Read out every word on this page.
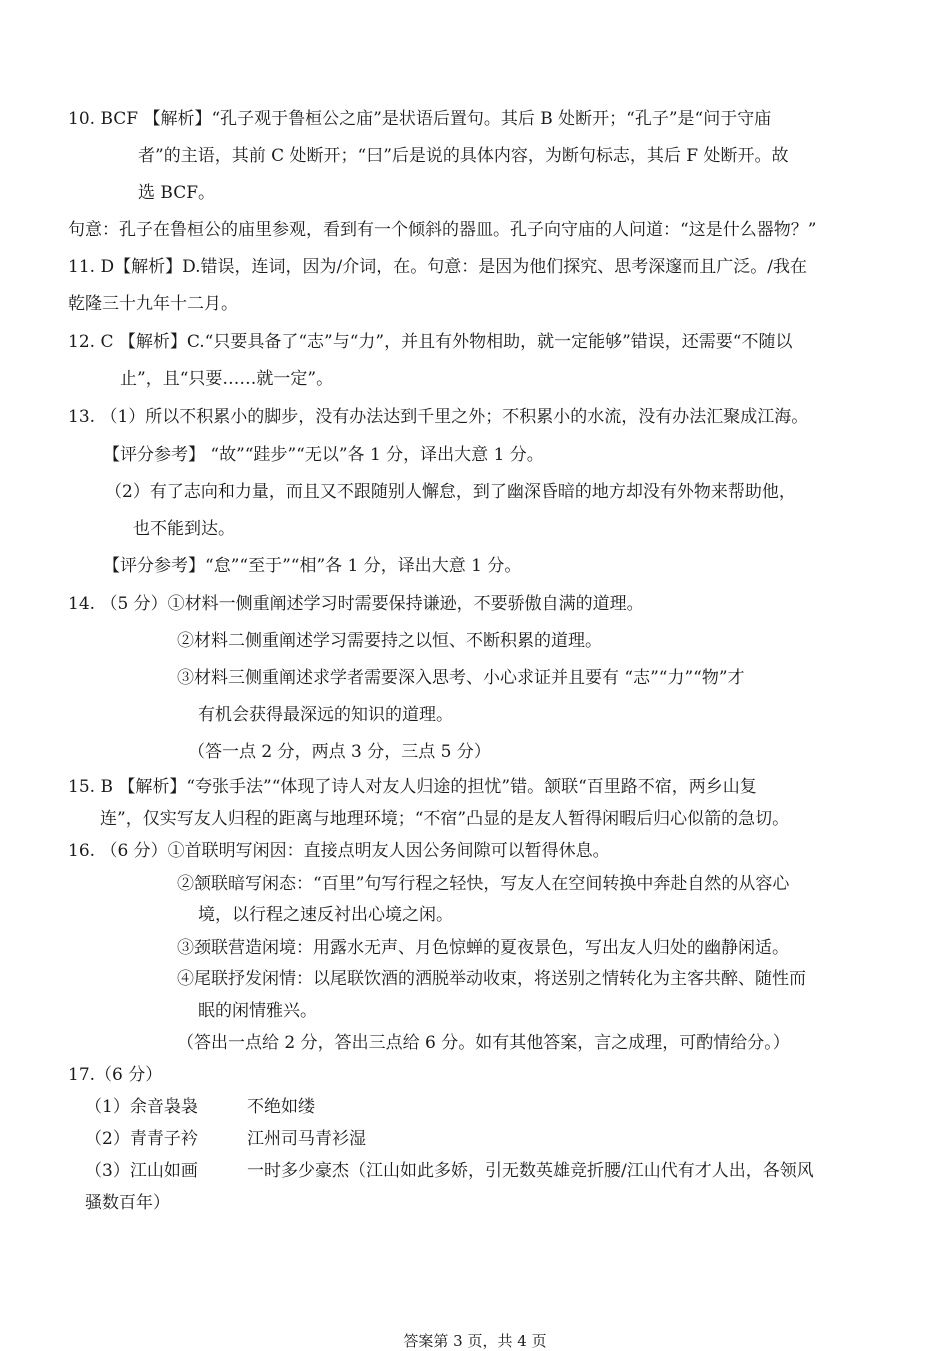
10. BCF 【解析】“孔子观于鲁桓公之庙”是状语后置句。其后 B 处断开；“孔子”是“问于守庙
者”的主语，其前 C 处断开；“曰”后是说的具体内容，为断句标志，其后 F 处断开。故
选 BCF。
句意：孔子在鲁桓公的庙里参观，看到有一个倾斜的器皿。孔子向守庙的人问道：“这是什么器物？”
11. D【解析】D.错误，连词，因为/介词，在。句意：是因为他们探究、思考深邃而且广泛。/我在
乾隆三十九年十二月。
12. C 【解析】C.“只要具备了“志”与“力”，并且有外物相助，就一定能够”错误，还需要“不随以
止”，且“只要……就一定”。
13. （1）所以不积累小的脚步，没有办法达到千里之外；不积累小的水流，没有办法汇聚成江海。
【评分参考】 “故”“跬步”“无以”各 1 分，译出大意 1 分。
（2）有了志向和力量，而且又不跟随别人懈怠，到了幽深昏暗的地方却没有外物来帮助他，
也不能到达。
【评分参考】“怠”“至于”“相”各 1 分，译出大意 1 分。
14. （5 分）①材料一侧重阐述学习时需要保持谦逊，不要骄傲自满的道理。
②材料二侧重阐述学习需要持之以恒、不断积累的道理。
③材料三侧重阐述求学者需要深入思考、小心求证并且要有 “志”“力”“物”才
有机会获得最深远的知识的道理。
（答一点 2 分，两点 3 分，三点 5 分）
15. B 【解析】“夸张手法”“体现了诗人对友人归途的担忧”错。颔联“百里路不宿，两乡山复
连”，仅实写友人归程的距离与地理环境；“不宿”凸显的是友人暂得闲暇后归心似箭的急切。
16. （6 分）①首联明写闲因：直接点明友人因公务间隙可以暂得休息。
②颔联暗写闲态：“百里”句写行程之轻快，写友人在空间转换中奔赴自然的从容心
境，以行程之速反衬出心境之闲。
③颈联营造闲境：用露水无声、月色惊蝉的夏夜景色，写出友人归处的幽静闲适。
④尾联抒发闲情：以尾联饮酒的洒脱举动收束，将送别之情转化为主客共醉、随性而
眠的闲情雅兴。
（答出一点给 2 分，答出三点给 6 分。如有其他答案，言之成理，可酌情给分。）
17.（6 分）
（1）余音袅袅	不绝如缕
（2）青青子衿	江州司马青衫湿
（3）江山如画	一时多少豪杰（江山如此多娇，引无数英雄竞折腰/江山代有才人出，各领风
骚数百年）
答案第 3 页，共 4 页
